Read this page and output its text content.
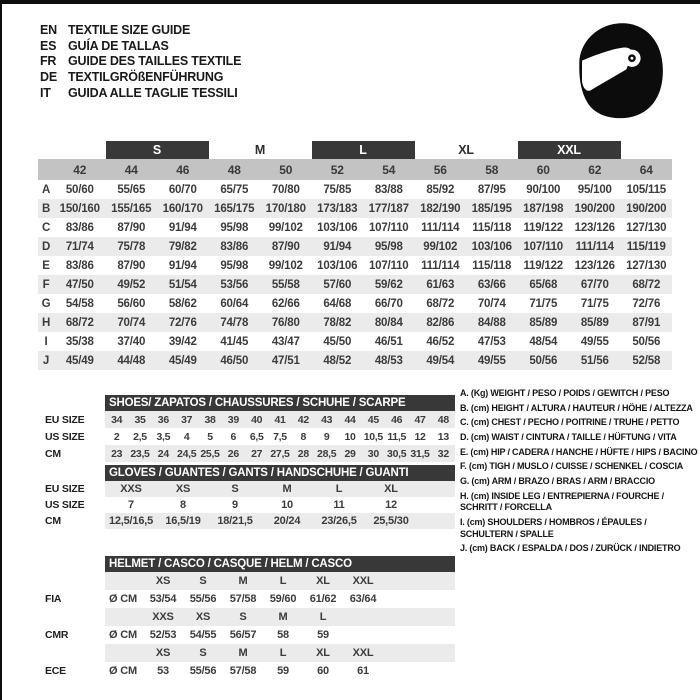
EN TEXTILE SIZE GUIDE
ES GUÍA DE TALLAS
FR GUIDE DES TAILLES TEXTILE
DE TEXTILGRÖßENFÜHRUNG
IT	GUIDA ALLE TAGLIE TESSILI
S	M	L	XL	XXL
42	44	46	48	50	52	54	56	58	60	62	64
A	50/60	55/65	60/70	65/75	70/80	75/85	83/88	85/92	87/95	90/100	95/100	105/115
B 150/160 155/165 160/170 165/175 170/180 173/183 177/187 182/190 185/195 187/198 190/200 190/200
C	83/86	87/90	91/94	95/98	99/102	103/106	107/110	111/114	115/118	119/122	123/126 127/130
D	71/74	75/78	79/82	83/86	87/90	91/94	95/98	99/102	103/106	107/110	111/114	115/119
E	83/86	87/90	91/94	95/98	99/102	103/106	107/110	111/114	115/118	119/122	123/126 127/130
F	47/50	49/52	51/54	53/56	55/58	57/60	59/62	61/63	63/66	65/68	67/70	68/72
G	54/58	56/60	58/62	60/64	62/66	64/68	66/70	68/72	70/74	71/75	71/75	72/76
H	68/72	70/74	72/76	74/78	76/80	78/82	80/84	82/86	84/88	85/89	85/89	87/91
I	35/38	37/40	39/42	41/45	43/47	45/50	46/51	46/52	47/53	48/54	49/55	50/56
J	45/49	44/48	45/49	46/50	47/51	48/52	48/53	49/54	49/55	50/56	51/56	52/58
SHOES/ ZAPATOS / CHAUSSURES / SCHUHE / SCARPE
EU SIZE	34	35	36	37	38	39	40	41	42	43	44	45	46	47	48
US SIZE	2	2,5 3,5	4	5	6	6,5 7,5	8	9	10 10,5 11,5 12	13
CM	23 23,5 24 24,5 25,5 26	27 27,5 28 28,5 29	30 30,5 31,5 32
GLOVES / GUANTES / GANTS / HANDSCHUHE / GUANTI
EU SIZE	XXS	XS	S	M	L	XL
US SIZE	7	8	9	10	11	12
CM	12,5/16,5	16,5/19	18/21,5	20/24	23/26,5	25,5/30
HELMET / CASCO / CASQUE / HELM / CASCO
XS	S	M	L	XL	XXL
FIA	Ø CM	53/54	55/56	57/58	59/60	61/62	63/64
XXS	XS	S	M	L
CMR	Ø CM	52/53	54/55	56/57	58	59
XS	S	M	L	XL	XXL
ECE	Ø CM	53	55/56	57/58	59	60	61
A. (Kg) WEIGHT / PESO / POIDS / GEWITCH / PESO
B. (cm) HEIGHT / ALTURA / HAUTEUR / HÖHE / ALTEZZA
C. (cm) CHEST / PECHO / POITRINE / TRUHE / PETTO
D. (cm) WAIST / CINTURA / TAILLE / HÜFTUNG / VITA
E. (cm) HIP / CADERA / HANCHE / HÜFTE / HIPS / BACINO
F. (cm) TIGH / MUSLO / CUISSE / SCHENKEL / COSCIA
G. (cm) ARM / BRAZO / BRAS / ARM / BRACCIO
H. (cm) INSIDE LEG / ENTREPIERNA / FOURCHE / SCHRITT / FORCELLA
I. (cm) SHOULDERS / HOMBROS / ÉPAULES / SCHULTERN / SPALLE
J. (cm) BACK / ESPALDA / DOS / ZURÜCK / INDIETRO
